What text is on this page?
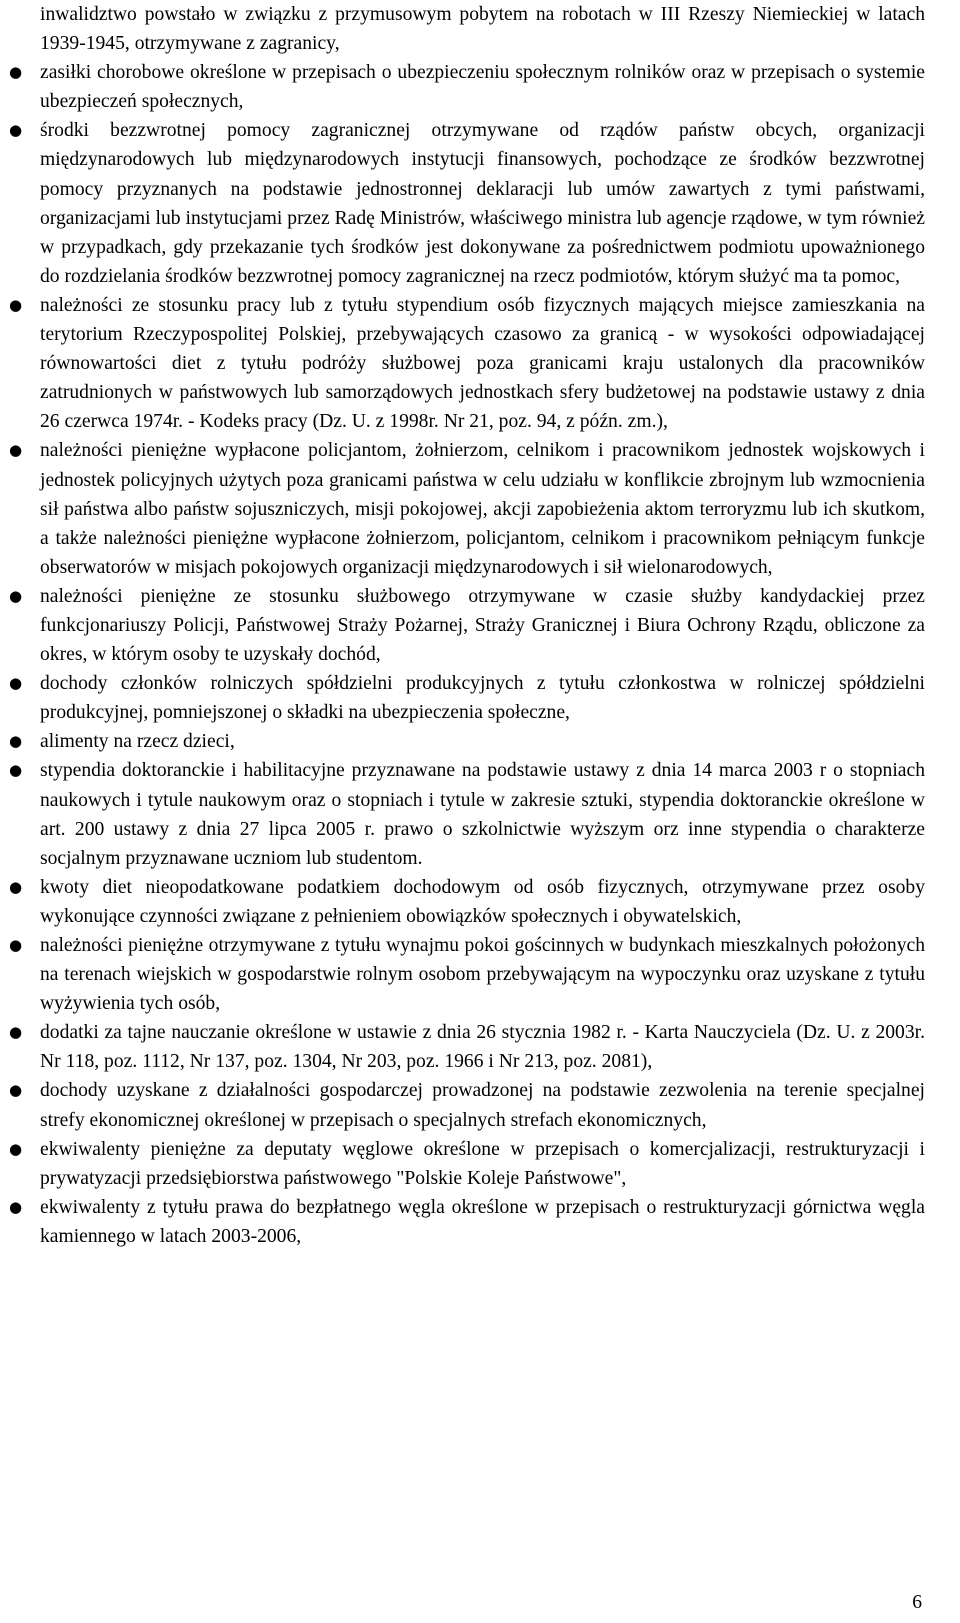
inwalidztwo powstało w związku z przymusowym pobytem na robotach w III Rzeszy Niemieckiej w latach 1939-1945, otrzymywane z zagranicy,

● zasiłki chorobowe określone w przepisach o ubezpieczeniu społecznym rolników oraz w przepisach o systemie ubezpieczeń społecznych,

● środki bezzwrotnej pomocy zagranicznej otrzymywane od rządów państw obcych, organizacji międzynarodowych lub międzynarodowych instytucji finansowych, pochodzące ze środków bezzwrotnej pomocy przyznanych na podstawie jednostronnej deklaracji lub umów zawartych z tymi państwami, organizacjami lub instytucjami przez Radę Ministrów, właściwego ministra lub agencje rządowe, w tym również w przypadkach, gdy przekazanie tych środków jest dokonywane za pośrednictwem podmiotu upoważnionego do rozdzielania środków bezzwrotnej pomocy zagranicznej na rzecz podmiotów, którym służyć ma ta pomoc,

● należności ze stosunku pracy lub z tytułu stypendium osób fizycznych mających miejsce zamieszkania na terytorium Rzeczypospolitej Polskiej, przebywających czasowo za granicą - w wysokości odpowiadającej równowartości diet z tytułu podróży służbowej poza granicami kraju ustalonych dla pracowników zatrudnionych w państwowych lub samorządowych jednostkach sfery budżetowej na podstawie ustawy z dnia 26 czerwca 1974r. - Kodeks pracy (Dz. U. z 1998r. Nr 21, poz. 94, z późn. zm.),

● należności pieniężne wypłacone policjantom, żołnierzom, celnikom i pracownikom jednostek wojskowych i jednostek policyjnych użytych poza granicami państwa w celu udziału w konflikcie zbrojnym lub wzmocnienia sił państwa albo państw sojuszniczych, misji pokojowej, akcji zapobieżenia aktom terroryzmu lub ich skutkom, a także należności pieniężne wypłacone żołnierzom, policjantom, celnikom i pracownikom pełniącym funkcje obserwatorów w misjach pokojowych organizacji międzynarodowych i sił wielonarodowych,

● należności pieniężne ze stosunku służbowego otrzymywane w czasie służby kandydackiej przez funkcjonariuszy Policji, Państwowej Straży Pożarnej, Straży Granicznej i Biura Ochrony Rządu, obliczone za okres, w którym osoby te uzyskały dochód,

● dochody członków rolniczych spółdzielni produkcyjnych z tytułu członkostwa w rolniczej spółdzielni produkcyjnej, pomniejszonej o składki na ubezpieczenia społeczne,

● alimenty na rzecz dzieci,

● stypendia doktoranckie i habilitacyjne przyznawane na podstawie ustawy z dnia 14 marca 2003 r o stopniach naukowych i tytule naukowym oraz o stopniach i tytule w zakresie sztuki, stypendia doktoranckie określone w art. 200 ustawy z dnia 27 lipca 2005 r. prawo o szkolnictwie wyższym orz inne stypendia o charakterze socjalnym przyznawane uczniom lub studentom.

● kwoty diet nieopodatkowane podatkiem dochodowym od osób fizycznych, otrzymywane przez osoby wykonujące czynności związane z pełnieniem obowiązków społecznych i obywatelskich,

● należności pieniężne otrzymywane z tytułu wynajmu pokoi gościnnych w budynkach mieszkalnych położonych na terenach wiejskich w gospodarstwie rolnym osobom przebywającym na wypoczynku oraz uzyskane z tytułu wyżywienia tych osób,

● dodatki za tajne nauczanie określone w ustawie z dnia 26 stycznia 1982 r. - Karta Nauczyciela (Dz. U. z 2003r. Nr 118, poz. 1112, Nr 137, poz. 1304, Nr 203, poz. 1966 i Nr 213, poz. 2081),

● dochody uzyskane z działalności gospodarczej prowadzonej na podstawie zezwolenia na terenie specjalnej strefy ekonomicznej określonej w przepisach o specjalnych strefach ekonomicznych,

● ekwiwalenty pieniężne za deputaty węglowe określone w przepisach o komercjalizacji, restrukturyzacji i prywatyzacji przedsiębiorstwa państwowego "Polskie Koleje Państwowe",

● ekwiwalenty z tytułu prawa do bezpłatnego węgla określone w przepisach o restrukturyzacji górnictwa węgla kamiennego w latach 2003-2006,

6
